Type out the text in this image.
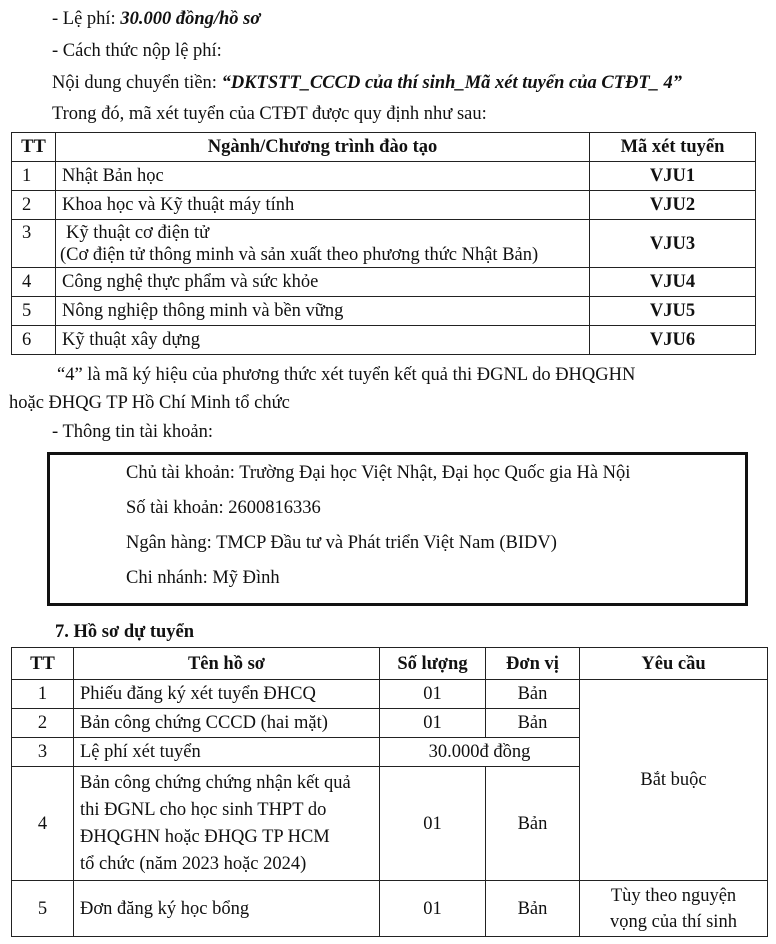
- Lệ phí: 30.000 đồng/hồ sơ
- Cách thức nộp lệ phí:
Nội dung chuyển tiền: “DKTSTT_CCCD của thí sinh_Mã xét tuyển của CTĐT_ 4”
Trong đó, mã xét tuyển của CTĐT được quy định như sau:
TT	Ngành/Chương trình đào tạo	Mã xét tuyển
1	Nhật Bản học	VJU1
2	Khoa học và Kỹ thuật máy tính	VJU2
3	Kỹ thuật cơ điện tử
(Cơ điện tử thông minh và sản xuất theo phương thức Nhật Bản)	VJU3
4	Công nghệ thực phẩm và sức khỏe	VJU4
5	Nông nghiệp thông minh và bền vững	VJU5
6	Kỹ thuật xây dựng	VJU6
“4” là mã ký hiệu của phương thức xét tuyển kết quả thi ĐGNL do ĐHQGHN
hoặc ĐHQG TP Hồ Chí Minh tổ chức
- Thông tin tài khoản:
Chủ tài khoản: Trường Đại học Việt Nhật, Đại học Quốc gia Hà Nội
Số tài khoản: 2600816336
Ngân hàng: TMCP Đầu tư và Phát triển Việt Nam (BIDV)
Chi nhánh: Mỹ Đình
7. Hồ sơ dự tuyển
TT	Tên hồ sơ	Số lượng	Đơn vị	Yêu cầu
1	Phiếu đăng ký xét tuyển ĐHCQ	01	Bản	Bắt buộc
2	Bản công chứng CCCD (hai mặt)	01	Bản	
3	Lệ phí xét tuyển	30.000đ đồng		
4	Bản công chứng chứng nhận kết quả
thi ĐGNL cho học sinh THPT do
ĐHQGHN hoặc ĐHQG TP HCM
tổ chức (năm 2023 hoặc 2024)	01	Bản	
5	Đơn đăng ký học bổng	01	Bản	Tùy theo nguyện
vọng của thí sinh
